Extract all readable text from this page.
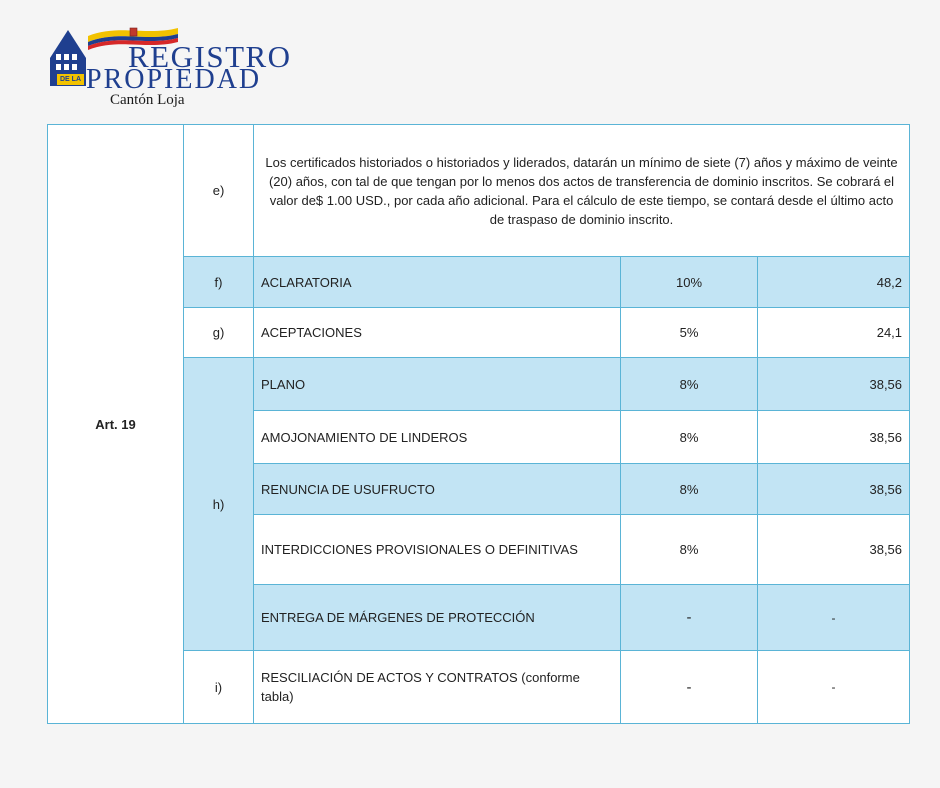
REGISTRO
DE LA PROPIEDAD
Cantón Loja
Art. 19	e)	Los certificados historiados o historiados y liderados, datarán un mínimo de siete (7) años y máximo de veinte (20) años, con tal de que tengan por lo menos dos actos de transferencia de dominio inscritos. Se cobrará el valor de$ 1.00 USD., por cada año adicional. Para el cálculo de este tiempo, se contará desde el último acto de traspaso de dominio inscrito.		
	f)	ACLARATORIA	10%	48,2
	g)	ACEPTACIONES	5%	24,1
	h)	PLANO	8%	38,56
		AMOJONAMIENTO DE LINDEROS	8%	38,56
		RENUNCIA DE USUFRUCTO	8%	38,56
		INTERDICCIONES PROVISIONALES O DEFINITIVAS	8%	38,56
		ENTREGA DE MÁRGENES DE PROTECCIÓN	-	-
	i)	RESCILIACIÓN DE ACTOS Y CONTRATOS (conforme tabla)	-	-
